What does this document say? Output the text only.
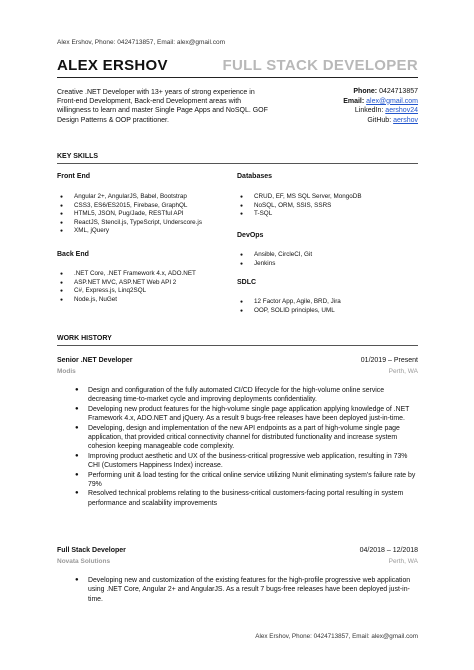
Alex Ershov, Phone: 0424713857, Email: alex@gmail.com
ALEX ERSHOV	FULL STACK DEVELOPER
Creative .NET Developer with 13+ years of strong experience in Front-end Development, Back-end Development areas with willingness to learn and master Single Page Apps and NoSQL. GOF Design Patterns & OOP practitioner.
Phone: 0424713857
Email: alex@gmail.com
LinkedIn: aershov24
GitHub: aershov
KEY SKILLS
Front End
● Angular 2+, AngularJS, Babel, Bootstrap
● CSS3, ES6/ES2015, Firebase, GraphQL
● HTML5, JSON, Pug/Jade, RESTful API
● ReactJS, Stencil.js, TypeScript, Underscore.js
● XML, jQuery
Back End
● .NET Core, .NET Framework 4.x, ADO.NET
● ASP.NET MVC, ASP.NET Web API 2
● C#, Express.js, Linq2SQL
● Node.js, NuGet
Databases
● CRUD, EF, MS SQL Server, MongoDB
● NoSQL, ORM, SSIS, SSRS
● T-SQL
DevOps
● Ansible, CircleCI, Git
● Jenkins
SDLC
● 12 Factor App, Agile, BRD, Jira
● OOP, SOLID principles, UML
WORK HISTORY
Senior .NET Developer	01/2019 – Present
Modis	Perth, WA
● Design and configuration of the fully automated CI/CD lifecycle for the high-volume online service decreasing time-to-market cycle and improving deployments confidentiality.
● Developing new product features for the high-volume single page application applying knowledge of .NET Framework 4.x, ADO.NET and jQuery. As a result 9 bugs-free releases have been deployed just-in-time.
● Developing, design and implementation of the new API endpoints as a part of high-volume single page application, that provided critical connectivity channel for distributed functionality and increase system cohesion keeping manageable code complexity.
● Improving product aesthetic and UX of the business-critical progressive web application, resulting in 73% CHI (Customers Happiness Index) increase.
● Performing unit & load testing for the critical online service utilizing Nunit eliminating system’s failure rate by 79%
● Resolved technical problems relating to the business-critical customers-facing portal resulting in system performance and scalability improvements
Full Stack Developer	04/2018 – 12/2018
Novata Solutions	Perth, WA
● Developing new and customization of the existing features for the high-profile progressive web application using .NET Core, Angular 2+ and AngularJS. As a result 7 bugs-free releases have been deployed just-in-time.
Alex Ershov, Phone: 0424713857, Email: alex@gmail.com
